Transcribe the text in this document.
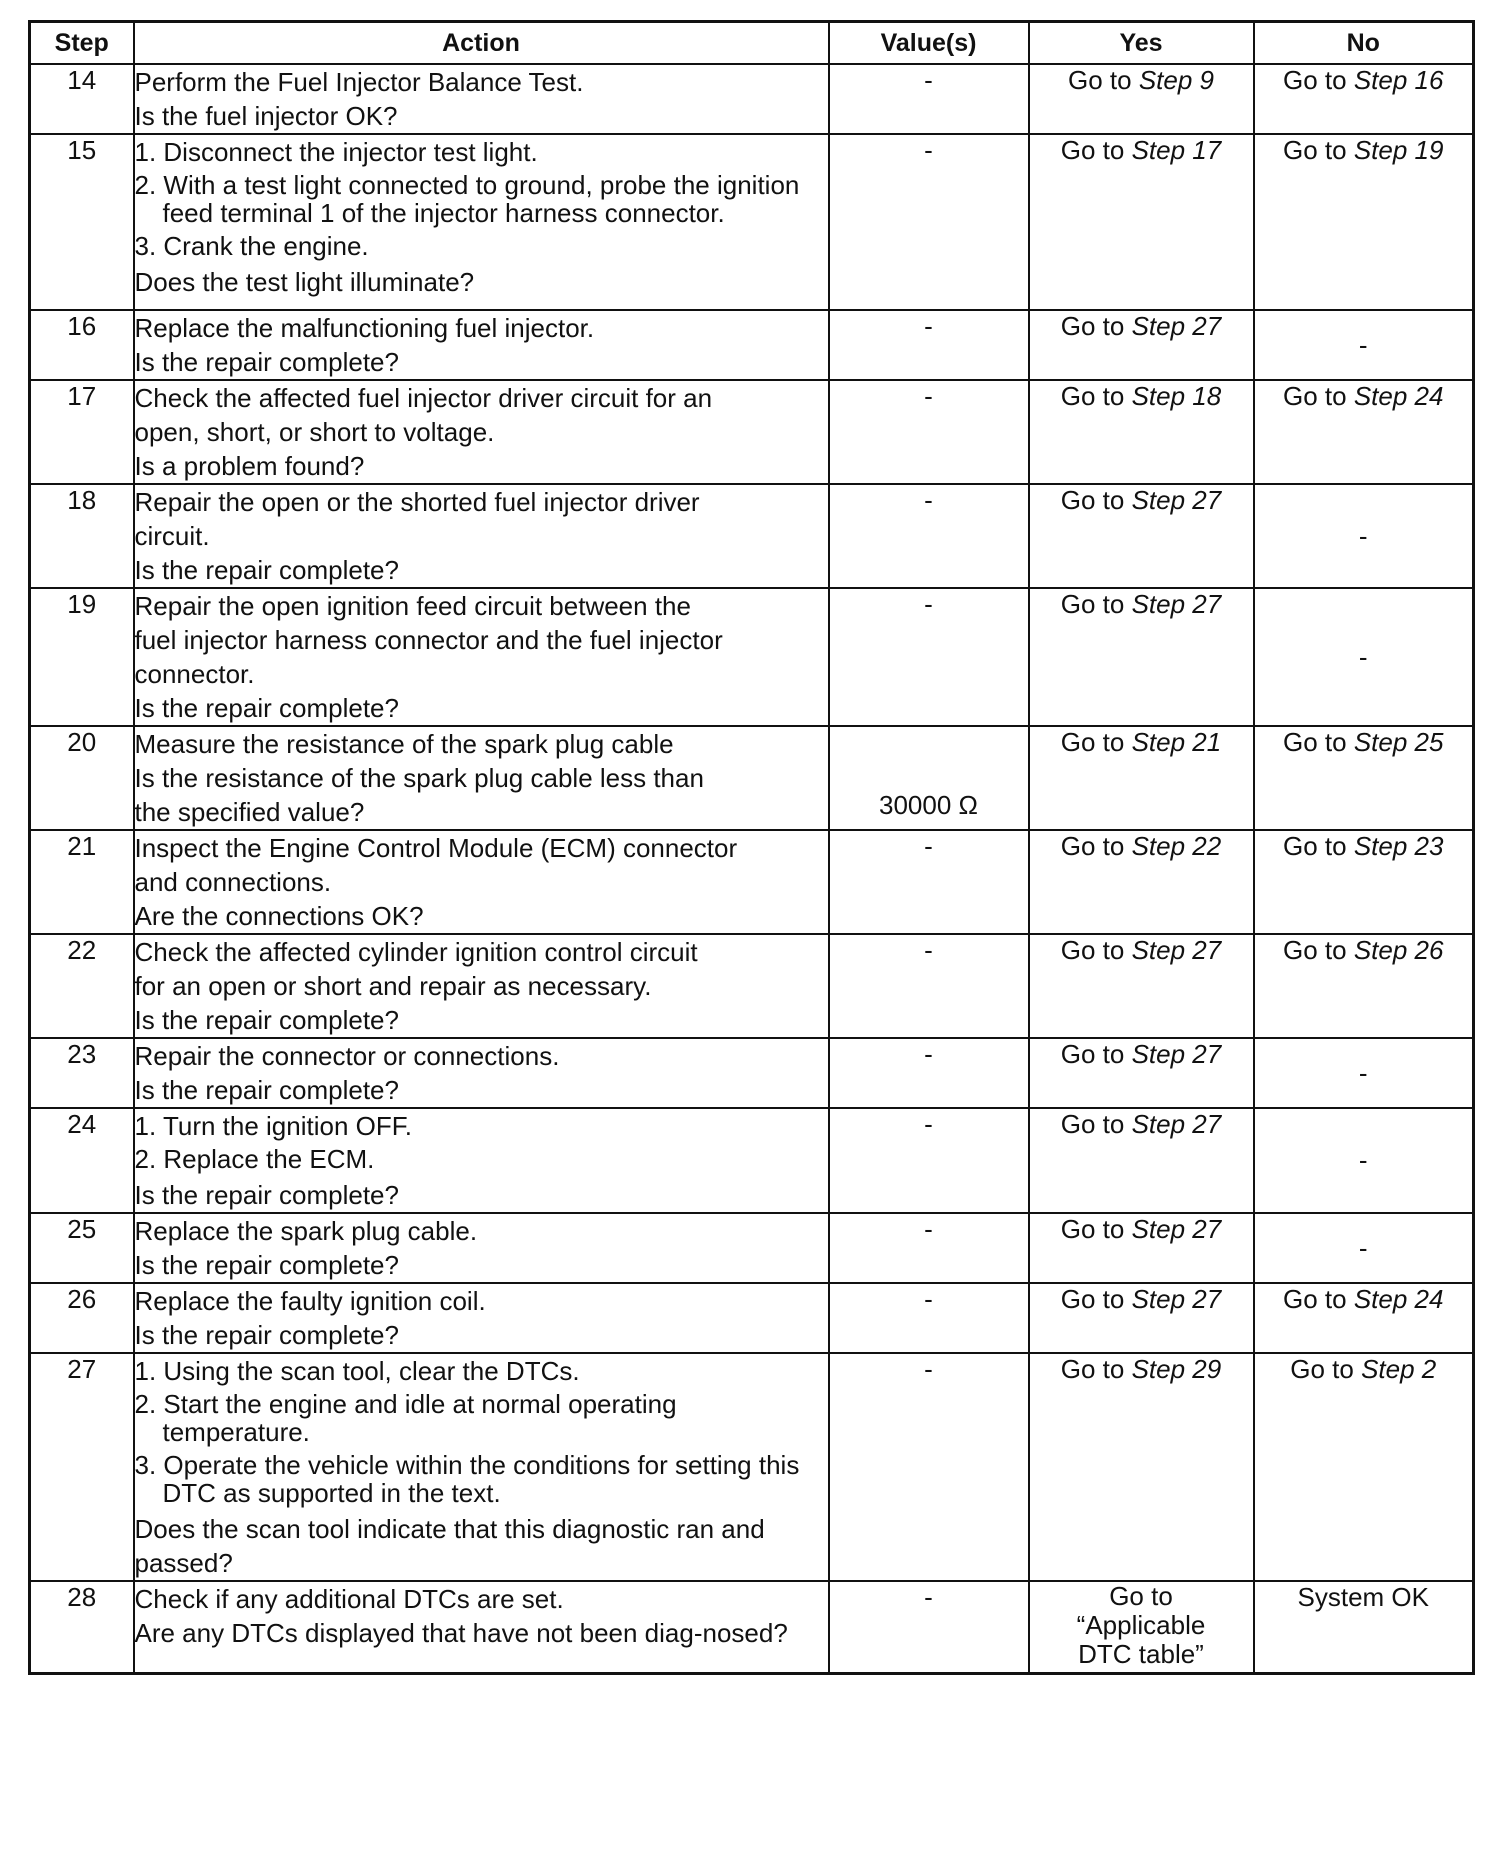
Step	Action	Value(s)	Yes	No
14	Perform the Fuel Injector Balance Test.
Is the fuel injector OK?	-	Go to Step 9	Go to Step 16
15	1. Disconnect the injector test light.
2. With a test light connected to ground, probe the ignition feed terminal 1 of the injector harness connector.
3. Crank the engine.
Does the test light illuminate?	-	Go to Step 17	Go to Step 19
16	Replace the malfunctioning fuel injector.
Is the repair complete?	-	Go to Step 27	-
17	Check the affected fuel injector driver circuit for an
open, short, or short to voltage.
Is a problem found?	-	Go to Step 18	Go to Step 24
18	Repair the open or the shorted fuel injector driver
circuit.
Is the repair complete?	-	Go to Step 27	-
19	Repair the open ignition feed circuit between the
fuel injector harness connector and the fuel injector
connector.
Is the repair complete?	-	Go to Step 27	-
20	Measure the resistance of the spark plug cable
Is the resistance of the spark plug cable less than
the specified value?	30000 Ω	Go to Step 21	Go to Step 25
21	Inspect the Engine Control Module (ECM) connector
and connections.
Are the connections OK?	-	Go to Step 22	Go to Step 23
22	Check the affected cylinder ignition control circuit
for an open or short and repair as necessary.
Is the repair complete?	-	Go to Step 27	Go to Step 26
23	Repair the connector or connections.
Is the repair complete?	-	Go to Step 27	-
24	1. Turn the ignition OFF.
2. Replace the ECM.
Is the repair complete?	-	Go to Step 27	-
25	Replace the spark plug cable.
Is the repair complete?	-	Go to Step 27	-
26	Replace the faulty ignition coil.
Is the repair complete?	-	Go to Step 27	Go to Step 24
27	1. Using the scan tool, clear the DTCs.
2. Start the engine and idle at normal operating temperature.
3. Operate the vehicle within the conditions for setting this DTC as supported in the text.
Does the scan tool indicate that this diagnostic ran and passed?	-	Go to Step 29	Go to Step 2
28	Check if any additional DTCs are set.
Are any DTCs displayed that have not been diag-nosed?	-	Go to
“Applicable
DTC table”	System OK
